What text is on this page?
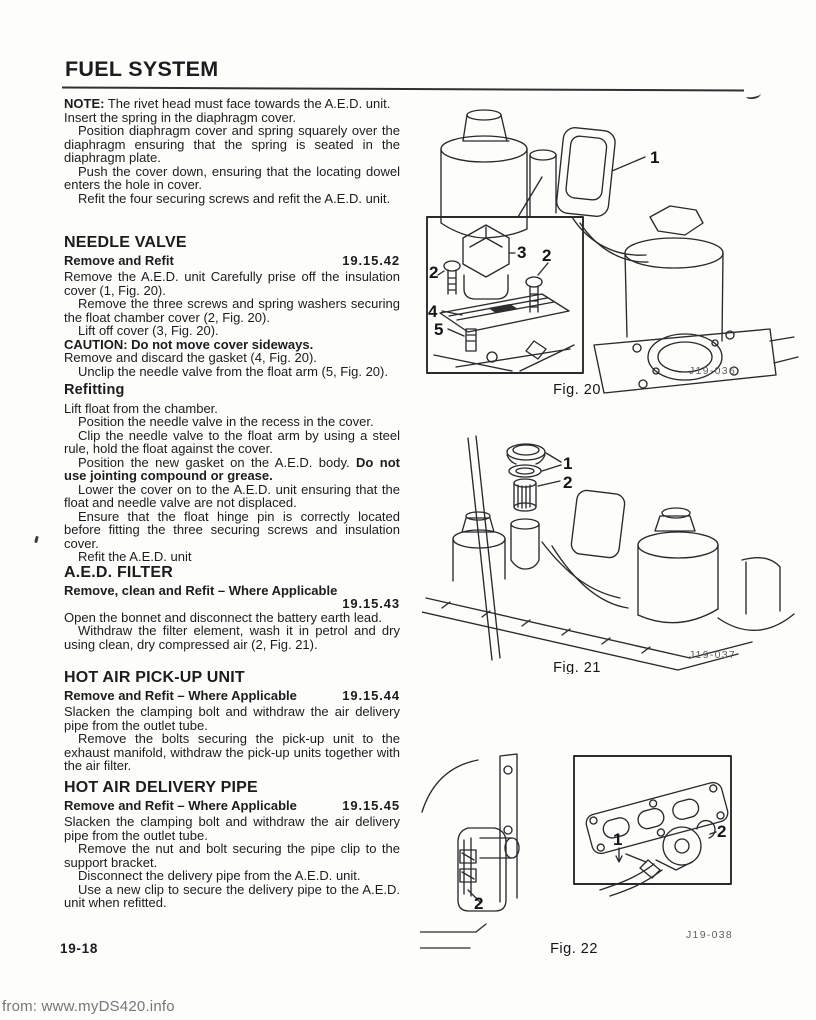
FUEL SYSTEM

NOTE: The rivet head must face towards the A.E.D. unit.

Insert the spring in the diaphragm cover.

Position diaphragm cover and spring squarely over the diaphragm ensuring that the spring is seated in the diaphragm plate.

Push the cover down, ensuring that the locating dowel enters the hole in cover.

Refit the four securing screws and refit the A.E.D. unit.

NEEDLE VALVE
Remove and Refit	19.15.42

Remove the A.E.D. unit Carefully prise off the insulation cover (1, Fig. 20).

Remove the three screws and spring washers securing the float chamber cover (2, Fig. 20).

Lift off cover (3, Fig. 20).

CAUTION: Do not move cover sideways.

Remove and discard the gasket (4, Fig. 20).

Unclip the needle valve from the float arm (5, Fig. 20).

Refitting

Lift float from the chamber.

Position the needle valve in the recess in the cover.

Clip the needle valve to the float arm by using a steel rule, hold the float against the cover.

Position the new gasket on the A.E.D. body. Do not use jointing compound or grease.

Lower the cover on to the A.E.D. unit ensuring that the float and needle valve are not displaced.

Ensure that the float hinge pin is correctly located before fitting the three securing screws and insulation cover.

Refit the A.E.D. unit

A.E.D. FILTER

Remove, clean and Refit – Where Applicable

19.15.43

Open the bonnet and disconnect the battery earth lead.

Withdraw the filter element, wash it in petrol and dry using clean, dry compressed air (2, Fig. 21).

HOT AIR PICK-UP UNIT
Remove and Refit – Where Applicable	19.15.44

Slacken the clamping bolt and withdraw the air delivery pipe from the outlet tube.

Remove the bolts securing the pick-up unit to the exhaust manifold, withdraw the pick-up units together with the air filter.

HOT AIR DELIVERY PIPE
Remove and Refit – Where Applicable	19.15.45

Slacken the clamping bolt and withdraw the air delivery pipe from the outlet tube.

Remove the nut and bolt securing the pipe clip to the support bracket.

Disconnect the delivery pipe from the A.E.D. unit.

Use a new clip to secure the delivery pipe to the A.E.D. unit when refitted.

1
2
2
3
4
5
J19-036
Fig. 20
1
2
J19-037
Fig. 21
2
1	2
J19-038
Fig. 22
19-18
from: www.myDS420.info
